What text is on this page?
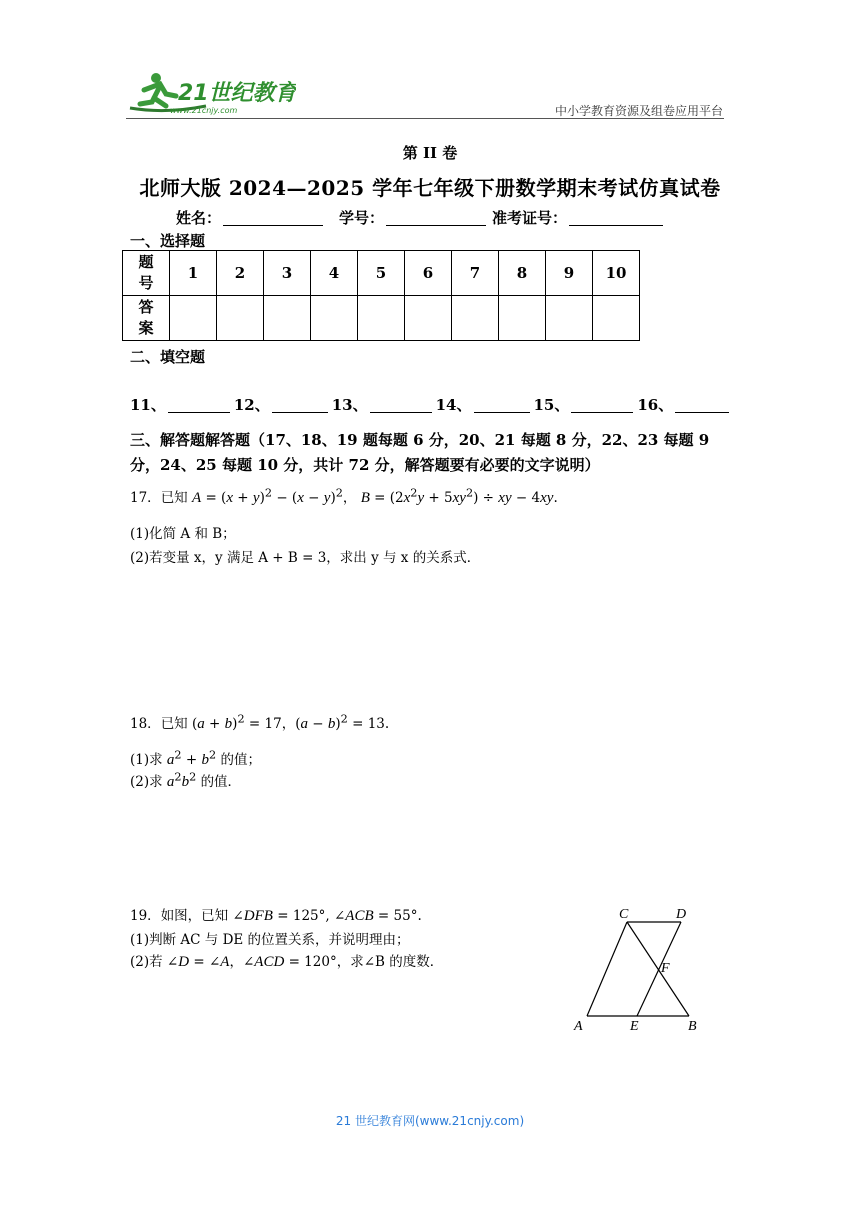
21世纪教育
www.21cnjy.com	中小学教育资源及组卷应用平台
第 II 卷
北师大版 2024—2025 学年七年级下册数学期末考试仿真试卷
姓名：	学号：	准考证号：
一、选择题
题号	1	2	3	4	5	6	7	8	9	10
答案										
二、填空题
11、	12、	13、	14、	15、	16、
三、解答题解答题（17、18、19 题每题 6 分，20、21 每题 8 分，22、23 每题 9 分，24、25 每题 10 分，共计 72 分，解答题要有必要的文字说明）
17．已知 $A = (x + y)^2 - (x - y)^2$， $B = (2x^2y + 5xy^2)$ ÷ xy − 4xy.
(1)化简 A 和 B；
(2)若变量 x，y 满足 A + B = 3，求出 y 与 x 的关系式．
18．已知 $(a + b)^2 = 17$，$(a - b)^2 = 13$.
(1)求 $a^2 + b^2$ 的值；
(2)求 $a^2b^2$ 的值．
19．如图，已知 ∠DFB = 125°, ∠ACB = 55°.
(1)判断 AC 与 DE 的位置关系，并说明理由；
(2)若 ∠D = ∠A，∠ACD = 120°，求∠B 的度数．
C	D
F
A	E	B
21 世纪教育网(www.21cnjy.com)
